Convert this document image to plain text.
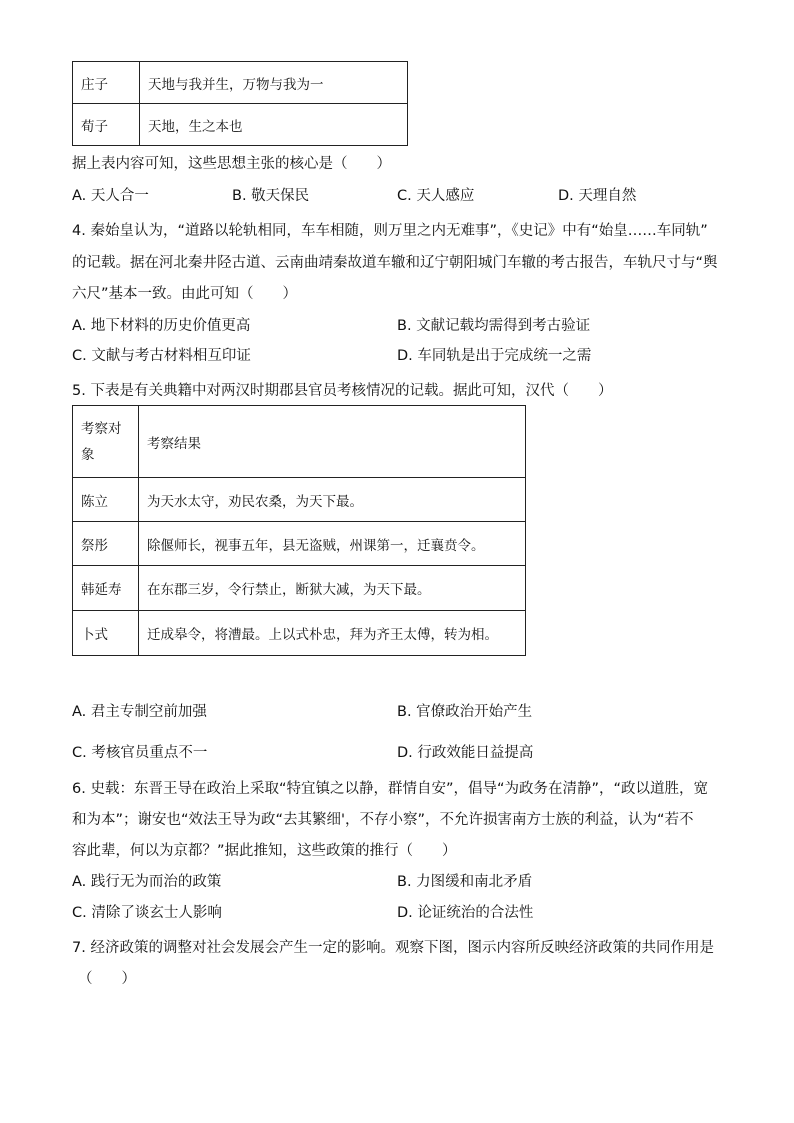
庄子	天地与我并生，万物与我为一
荀子	天地，生之本也
据上表内容可知，这些思想主张的核心是（　　）
A. 天人合一	B. 敬天保民	C. 天人感应	D. 天理自然
4. 秦始皇认为，“道路以轮轨相同，车车相随，则万里之内无难事”，《史记》中有“始皇……车同轨”
的记载。据在河北秦井陉古道、云南曲靖秦故道车辙和辽宁朝阳城门车辙的考古报告，车轨尺寸与“舆
六尺”基本一致。由此可知（　　）
A. 地下材料的历史价值更高	B. 文献记载均需得到考古验证
C. 文献与考古材料相互印证	D. 车同轨是出于完成统一之需
5. 下表是有关典籍中对两汉时期郡县官员考核情况的记载。据此可知，汉代（　　）
考察对象	考察结果
陈立	为天水太守，劝民农桑，为天下最。
祭彤	除偃师长，视事五年，县无盗贼，州课第一，迁襄贲令。
韩延寿	在东郡三岁，令行禁止，断狱大减，为天下最。
卜式	迁成皋令，将漕最。上以式朴忠，拜为齐王太傅，转为相。
A. 君主专制空前加强	B. 官僚政治开始产生
C. 考核官员重点不一	D. 行政效能日益提高
6. 史载：东晋王导在政治上采取“特宜镇之以静，群情自安”，倡导“为政务在清静”，“政以道胜，宽
和为本”；谢安也“效法王导为政“去其繁细'，不存小察”，不允许损害南方士族的利益，认为“若不
容此辈，何以为京都？”据此推知，这些政策的推行（　　）
A. 践行无为而治的政策	B. 力图缓和南北矛盾
C. 清除了谈玄士人影响	D. 论证统治的合法性
7. 经济政策的调整对社会发展会产生一定的影响。观察下图，图示内容所反映经济政策的共同作用是
（　　）
